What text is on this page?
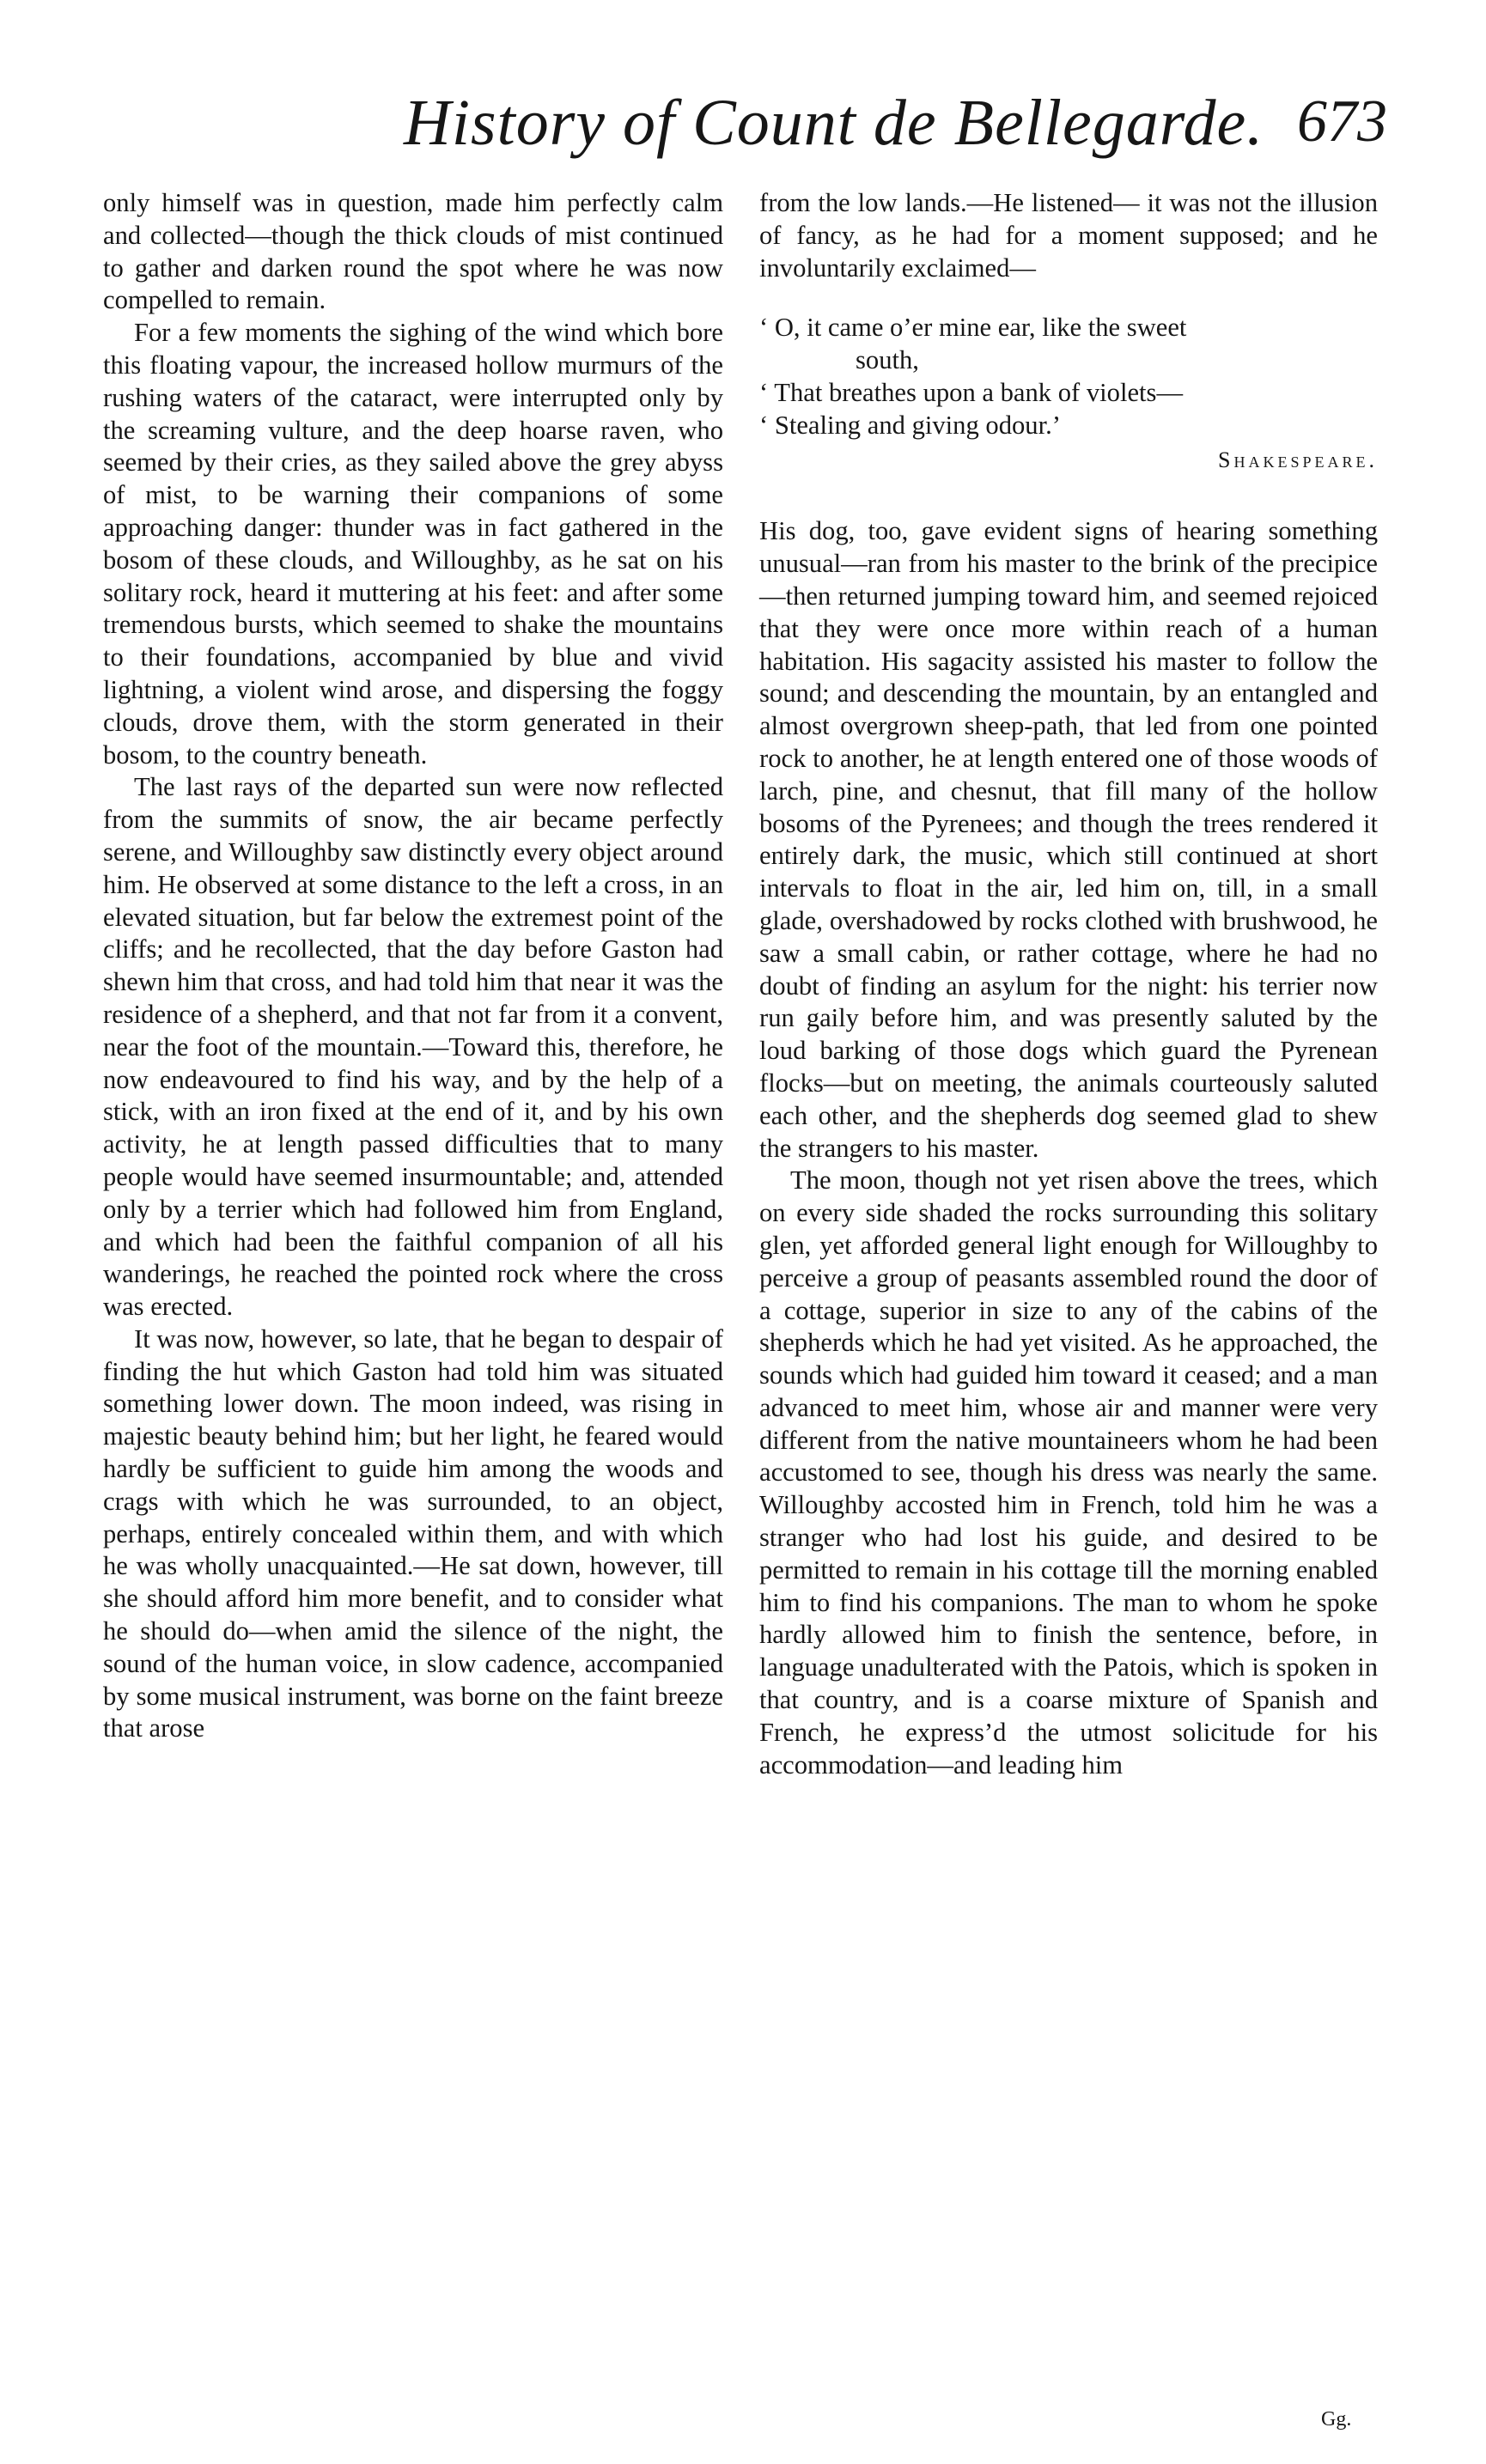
History of Count de Bellegarde. 673

only himself was in question, made him perfectly calm and collected—though the thick clouds of mist continued to gather and darken round the spot where he was now compelled to remain.

For a few moments the sighing of the wind which bore this floating vapour, the increased hollow murmurs of the rushing waters of the cataract, were interrupted only by the screaming vulture, and the deep hoarse raven, who seemed by their cries, as they sailed above the grey abyss of mist, to be warning their companions of some approaching danger: thunder was in fact gathered in the bosom of these clouds, and Willoughby, as he sat on his solitary rock, heard it muttering at his feet: and after some tremendous bursts, which seemed to shake the mountains to their foundations, accompanied by blue and vivid lightning, a violent wind arose, and dispersing the foggy clouds, drove them, with the storm generated in their bosom, to the country beneath.

The last rays of the departed sun were now reflected from the summits of snow, the air became perfectly serene, and Willoughby saw distinctly every object around him. He observed at some distance to the left a cross, in an elevated situation, but far below the extremest point of the cliffs; and he recollected, that the day before Gaston had shewn him that cross, and had told him that near it was the residence of a shepherd, and that not far from it a convent, near the foot of the mountain.—Toward this, therefore, he now endeavoured to find his way, and by the help of a stick, with an iron fixed at the end of it, and by his own activity, he at length passed difficulties that to many people would have seemed insurmountable; and, attended only by a terrier which had followed him from England, and which had been the faithful companion of all his wanderings, he reached the pointed rock where the cross was erected.

It was now, however, so late, that he began to despair of finding the hut which Gaston had told him was situated something lower down. The moon indeed, was rising in majestic beauty behind him; but her light, he feared would hardly be sufficient to guide him among the woods and crags with which he was surrounded, to an object, perhaps, entirely concealed within them, and with which he was wholly unacquainted.—He sat down, however, till she should afford him more benefit, and to consider what he should do—when amid the silence of the night, the sound of the human voice, in slow cadence, accompanied by some musical instrument, was borne on the faint breeze that arose

from the low lands.—He listened— it was not the illusion of fancy, as he had for a moment supposed; and he involuntarily exclaimed—

‘ O, it came o’er mine ear, like the sweet
south,
‘ That breathes upon a bank of violets—
‘ Stealing and giving odour.’
Shakespeare.

His dog, too, gave evident signs of hearing something unusual—ran from his master to the brink of the precipice—then returned jumping toward him, and seemed rejoiced that they were once more within reach of a human habitation. His sagacity assisted his master to follow the sound; and descending the mountain, by an entangled and almost overgrown sheep-path, that led from one pointed rock to another, he at length entered one of those woods of larch, pine, and chesnut, that fill many of the hollow bosoms of the Pyrenees; and though the trees rendered it entirely dark, the music, which still continued at short intervals to float in the air, led him on, till, in a small glade, overshadowed by rocks clothed with brushwood, he saw a small cabin, or rather cottage, where he had no doubt of finding an asylum for the night: his terrier now run gaily before him, and was presently saluted by the loud barking of those dogs which guard the Pyrenean flocks—but on meeting, the animals courteously saluted each other, and the shepherds dog seemed glad to shew the strangers to his master.

The moon, though not yet risen above the trees, which on every side shaded the rocks surrounding this solitary glen, yet afforded general light enough for Willoughby to perceive a group of peasants assembled round the door of a cottage, superior in size to any of the cabins of the shepherds which he had yet visited. As he approached, the sounds which had guided him toward it ceased; and a man advanced to meet him, whose air and manner were very different from the native mountaineers whom he had been accustomed to see, though his dress was nearly the same. Willoughby accosted him in French, told him he was a stranger who had lost his guide, and desired to be permitted to remain in his cottage till the morning enabled him to find his companions. The man to whom he spoke hardly allowed him to finish the sentence, before, in language unadulterated with the Patois, which is spoken in that country, and is a coarse mixture of Spanish and French, he express’d the utmost solicitude for his accommodation—and leading him

Gg.
